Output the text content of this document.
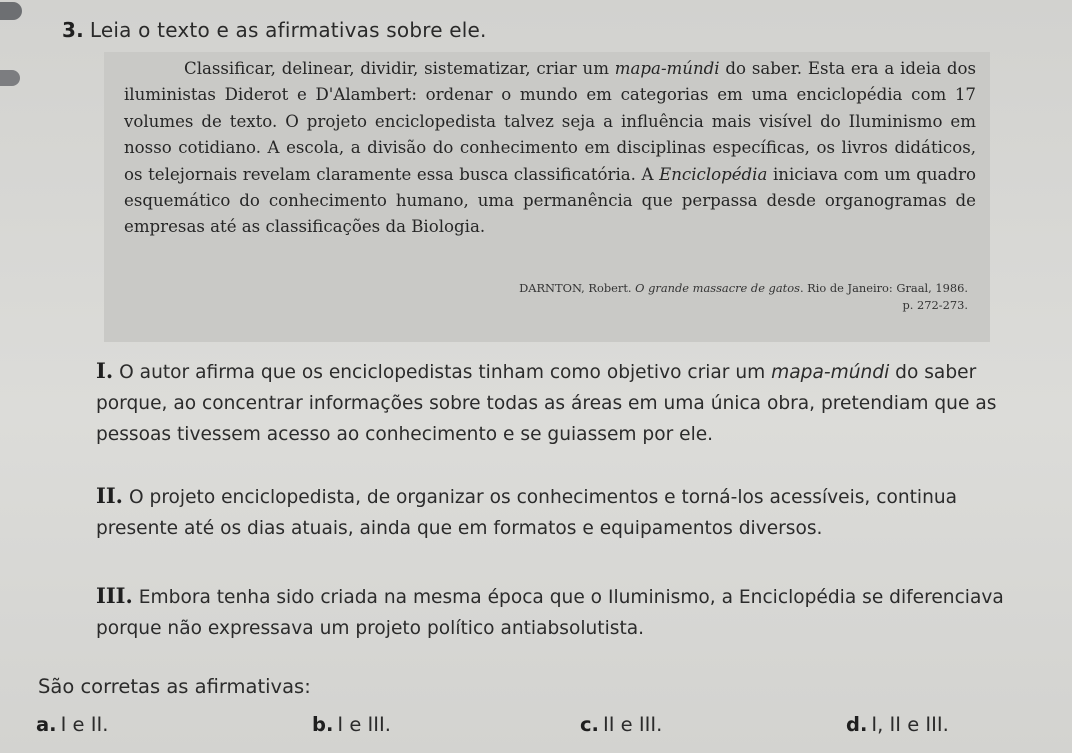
3. Leia o texto e as afirmativas sobre ele.
Classificar, delinear, dividir, sistematizar, criar um mapa-múndi do saber. Esta era a ideia dos iluministas Diderot e D'Alambert: ordenar o mundo em categorias em uma enciclopédia com 17 volumes de texto. O projeto enciclopedista talvez seja a influência mais visível do Iluminismo em nosso cotidiano. A escola, a divisão do conhecimento em disciplinas específicas, os livros didáticos, os telejornais revelam claramente essa busca classificatória. A Enciclopédia iniciava com um quadro esquemático do conhecimento humano, uma permanência que perpassa desde organogramas de empresas até as classificações da Biologia.
DARNTON, Robert. O grande massacre de gatos. Rio de Janeiro: Graal, 1986.
p. 272-273.
I. O autor afirma que os enciclopedistas tinham como objetivo criar um mapa-múndi do saber porque, ao concentrar informações sobre todas as áreas em uma única obra, pretendiam que as pessoas tivessem acesso ao conhecimento e se guiassem por ele.
II. O projeto enciclopedista, de organizar os conhecimentos e torná-los acessíveis, continua presente até os dias atuais, ainda que em formatos e equipamentos diversos.
III. Embora tenha sido criada na mesma época que o Iluminismo, a Enciclopédia se diferenciava porque não expressava um projeto político antiabsolutista.
São corretas as afirmativas:
a. I e II.	b. I e III.	c. II e III.	d. I, II e III.
